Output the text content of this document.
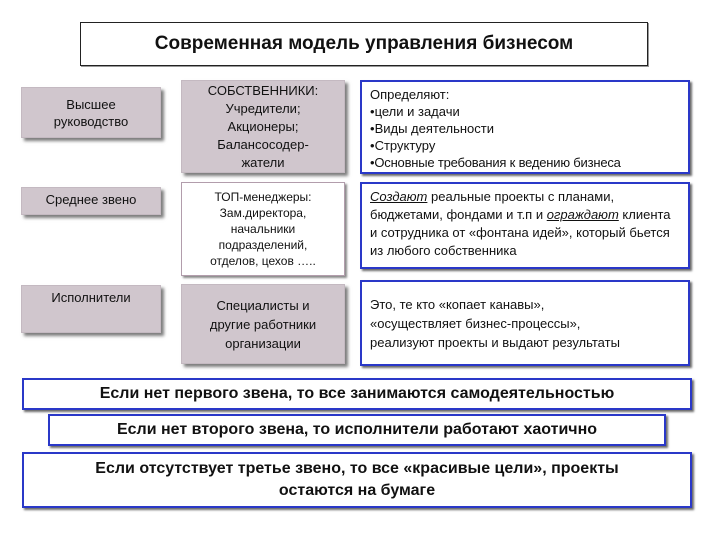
Современная модель управления бизнесом
Высшее
руководство
Среднее звено
Исполнители
СОБСТВЕННИКИ:
Учредители;
Акционеры;
Балансосодер-
жатели
ТОП-менеджеры:
Зам.директора,
начальники
подразделений,
отделов, цехов …..
Специалисты и
другие работники
организации
Определяют:
•цели и задачи
•Виды деятельности
•Структуру
•Основные требования к ведению бизнеса
Создают реальные проекты с планами, бюджетами, фондами и т.п и ограждают клиента и сотрудника от «фонтана идей», который бьется из любого собственника
Это, те кто «копает канавы»,
«осуществляет бизнес-процессы»,
реализуют проекты и выдают результаты
Если нет первого звена, то все занимаются самодеятельностью
Если нет второго звена, то исполнители работают хаотично
Если отсутствует третье звено, то все «красивые цели», проекты
остаются на бумаге
